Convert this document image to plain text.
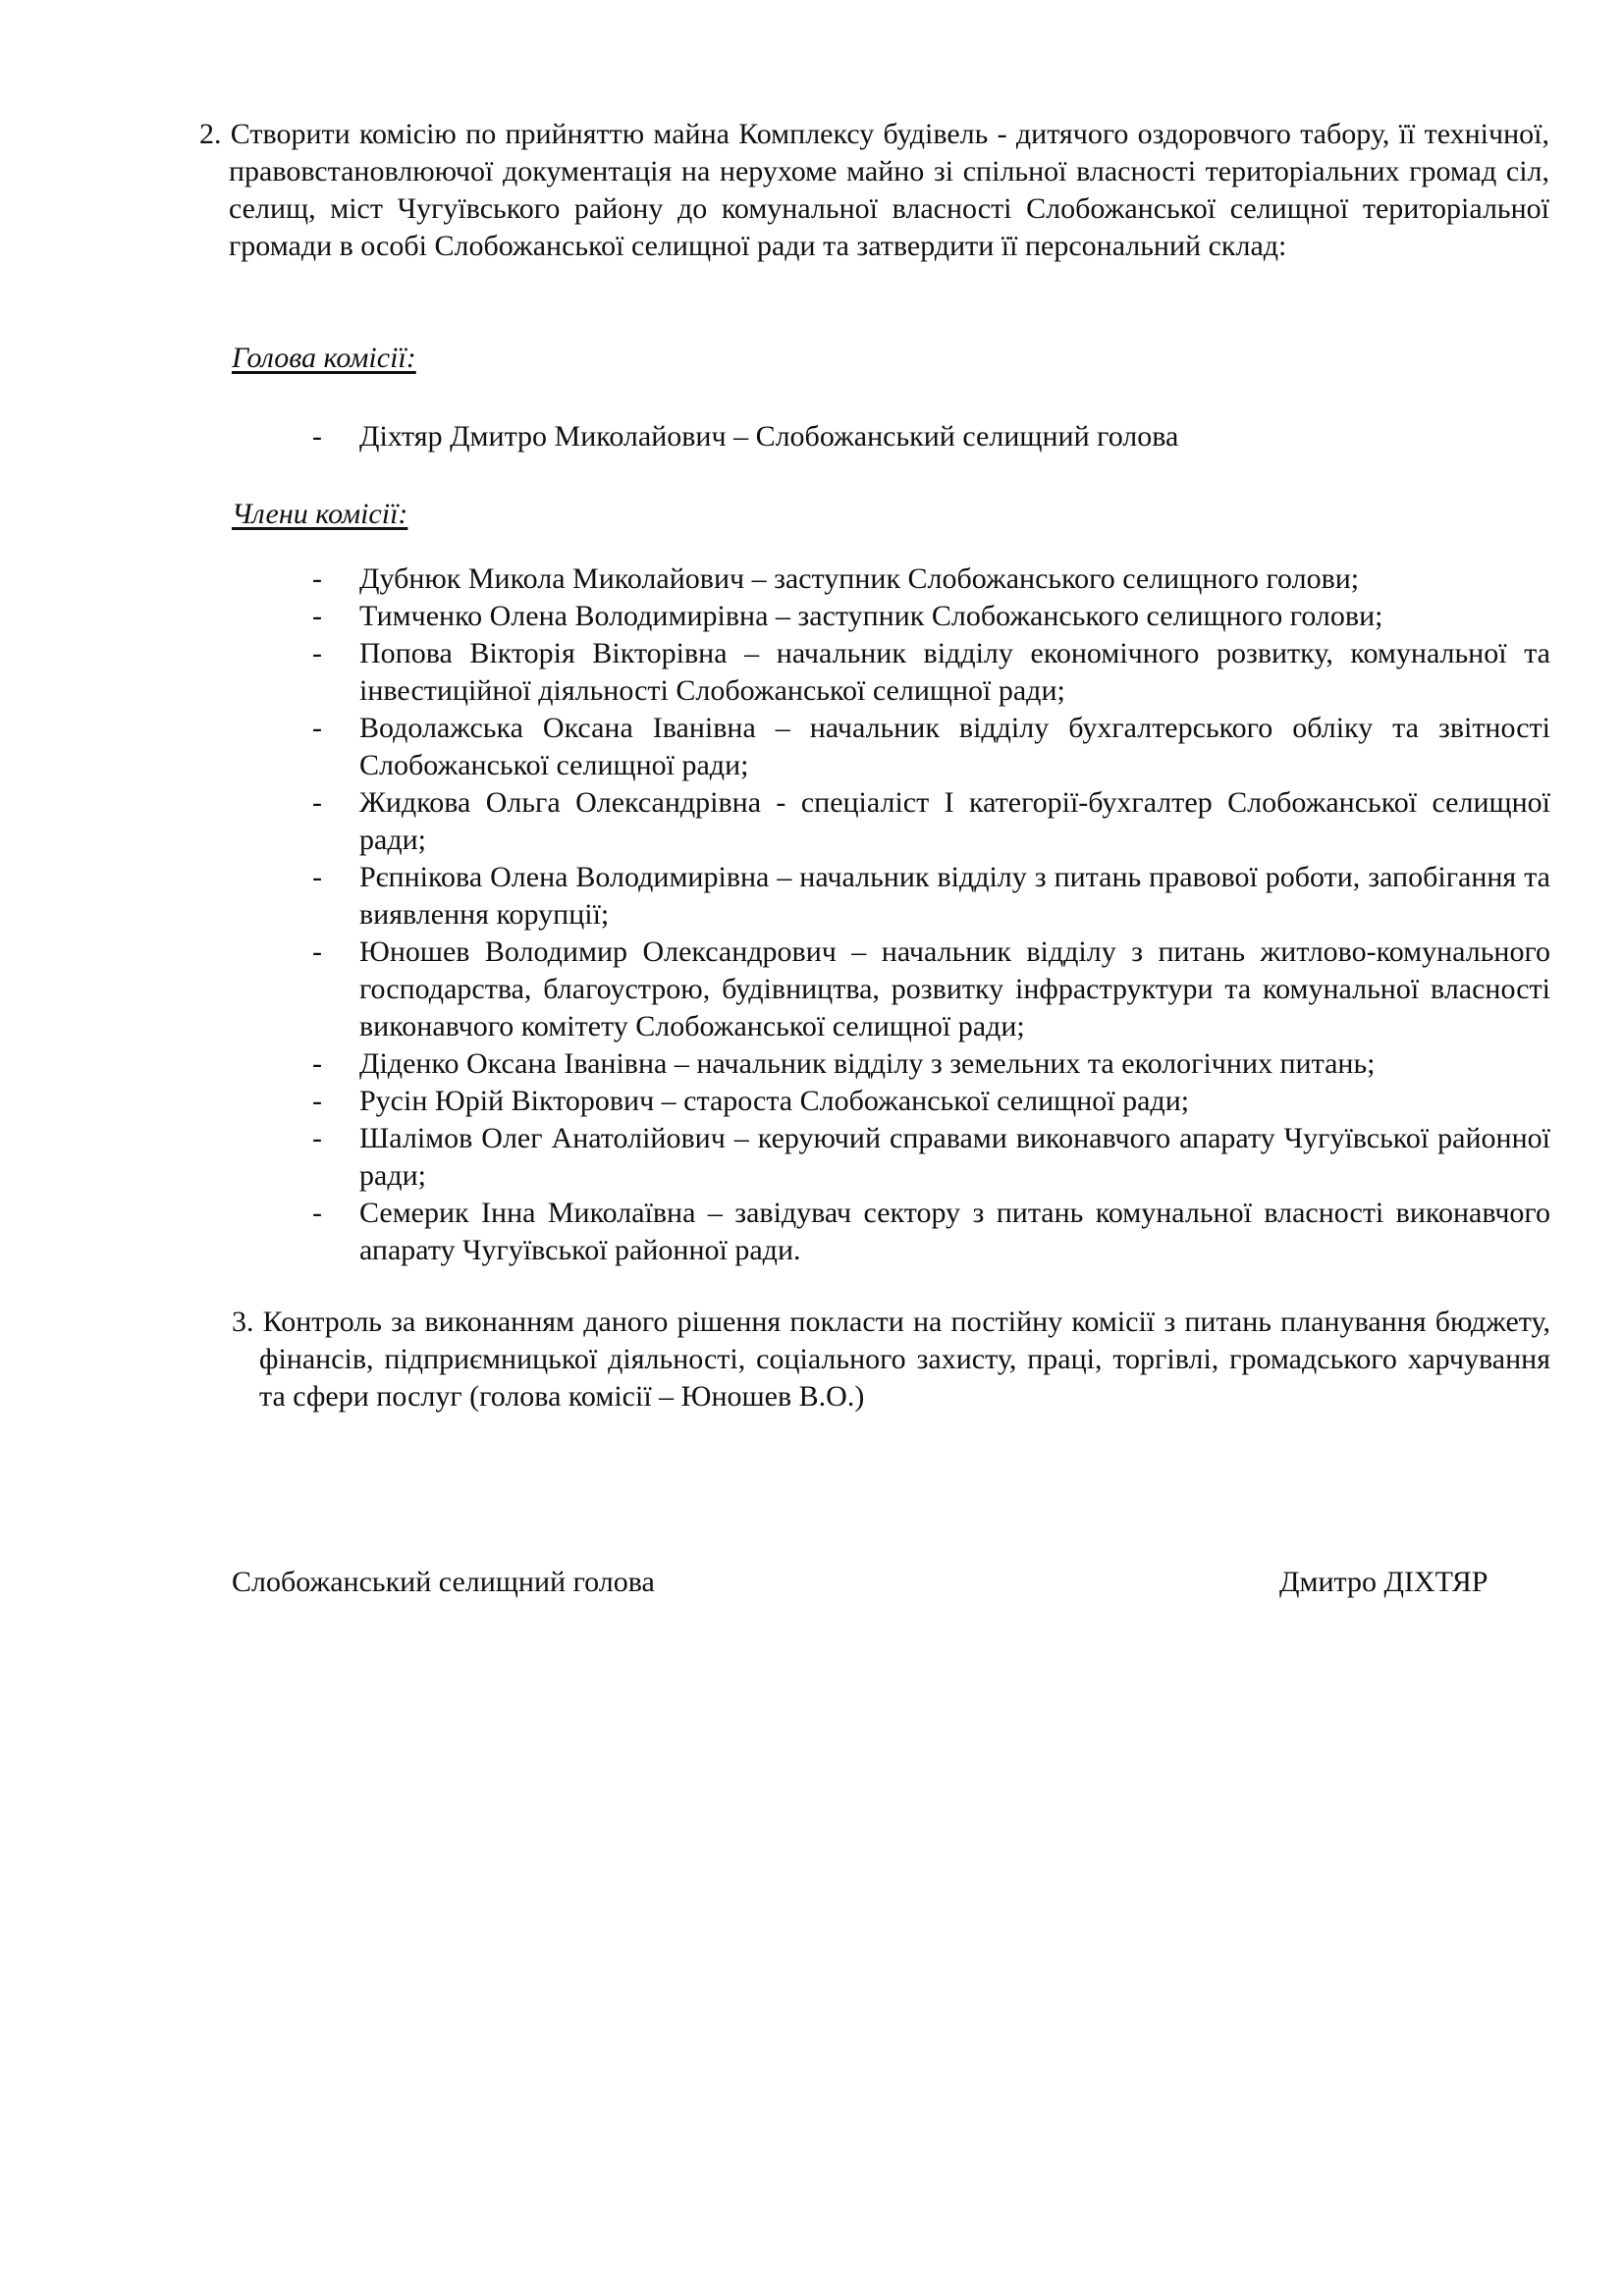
2. Створити комісію по прийняттю майна Комплексу будівель - дитячого оздоровчого табору, її технічної, правовстановлюючої документація на нерухоме майно зі спільної власності територіальних громад сіл, селищ, міст Чугуївського району до комунальної власності Слобожанської селищної територіальної громади в особі Слобожанської селищної ради та затвердити її персональний склад:
Голова комісії:
- Діхтяр Дмитро Миколайович – Слобожанський селищний голова
Члени комісії:
- Дубнюк Микола Миколайович – заступник Слобожанського селищного голови;
- Тимченко Олена Володимирівна – заступник Слобожанського селищного голови;
- Попова Вікторія Вікторівна – начальник відділу економічного розвитку, комунальної та інвестиційної діяльності Слобожанської селищної ради;
- Водолажська Оксана Іванівна – начальник відділу бухгалтерського обліку та звітності Слобожанської селищної ради;
- Жидкова Ольга Олександрівна - спеціаліст І категорії-бухгалтер Слобожанської селищної ради;
- Рєпнікова Олена Володимирівна – начальник відділу з питань правової роботи, запобігання та виявлення корупції;
- Юношев Володимир Олександрович – начальник відділу з питань житлово-комунального господарства, благоустрою, будівництва, розвитку інфраструктури та комунальної власності виконавчого комітету Слобожанської селищної ради;
- Діденко Оксана Іванівна – начальник відділу з земельних та екологічних питань;
- Русін Юрій Вікторович – староста Слобожанської селищної ради;
- Шалімов Олег Анатолійович – керуючий справами виконавчого апарату Чугуївської районної ради;
- Семерик Інна Миколаївна – завідувач сектору з питань комунальної власності виконавчого апарату Чугуївської районної ради.
3. Контроль за виконанням даного рішення покласти на постійну комісії з питань планування бюджету, фінансів, підприємницької діяльності, соціального захисту, праці, торгівлі, громадського харчування та сфери послуг (голова комісії – Юношев В.О.)
Слобожанський селищний голова	Дмитро ДІХТЯР
